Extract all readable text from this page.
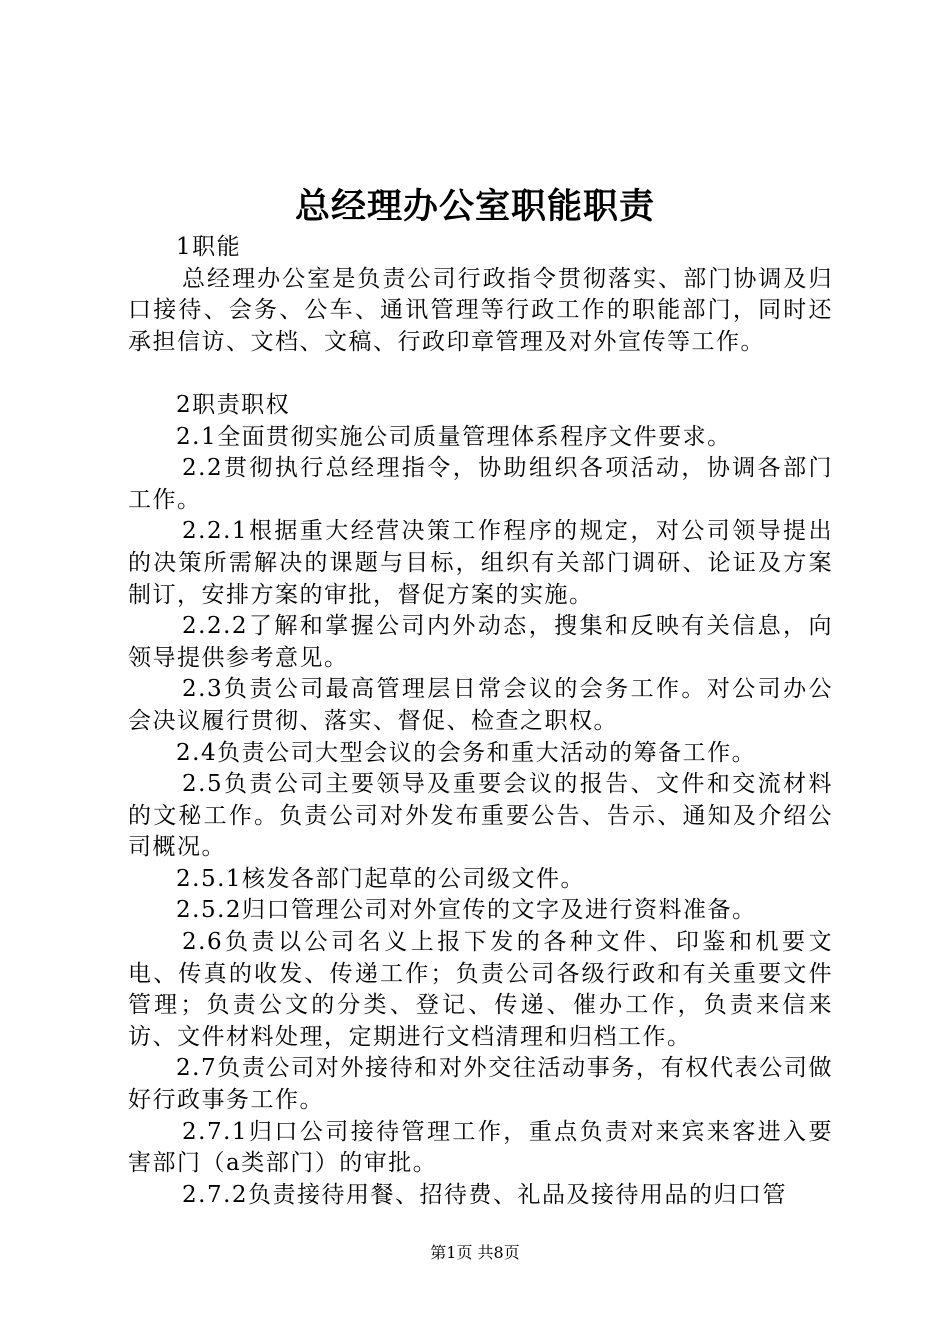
总经理办公室职能职责

1职能

总经理办公室是负责公司行政指令贯彻落实、部门协调及归口接待、会务、公车、通讯管理等行政工作的职能部门，同时还承担信访、文档、文稿、行政印章管理及对外宣传等工作。

2职责职权

2.1全面贯彻实施公司质量管理体系程序文件要求。

2.2贯彻执行总经理指令，协助组织各项活动，协调各部门工作。

2.2.1根据重大经营决策工作程序的规定，对公司领导提出的决策所需解决的课题与目标，组织有关部门调研、论证及方案制订，安排方案的审批，督促方案的实施。

2.2.2了解和掌握公司内外动态，搜集和反映有关信息，向领导提供参考意见。

2.3负责公司最高管理层日常会议的会务工作。对公司办公会决议履行贯彻、落实、督促、检查之职权。

2.4负责公司大型会议的会务和重大活动的筹备工作。

2.5负责公司主要领导及重要会议的报告、文件和交流材料的文秘工作。负责公司对外发布重要公告、告示、通知及介绍公司概况。

2.5.1核发各部门起草的公司级文件。

2.5.2归口管理公司对外宣传的文字及进行资料准备。

2.6负责以公司名义上报下发的各种文件、印鉴和机要文电、传真的收发、传递工作；负责公司各级行政和有关重要文件管理；负责公文的分类、登记、传递、催办工作，负责来信来访、文件材料处理，定期进行文档清理和归档工作。

2.7负责公司对外接待和对外交往活动事务，有权代表公司做好行政事务工作。

2.7.1归口公司接待管理工作，重点负责对来宾来客进入要害部门（a类部门）的审批。

2.7.2负责接待用餐、招待费、礼品及接待用品的归口管

第1页 共8页
